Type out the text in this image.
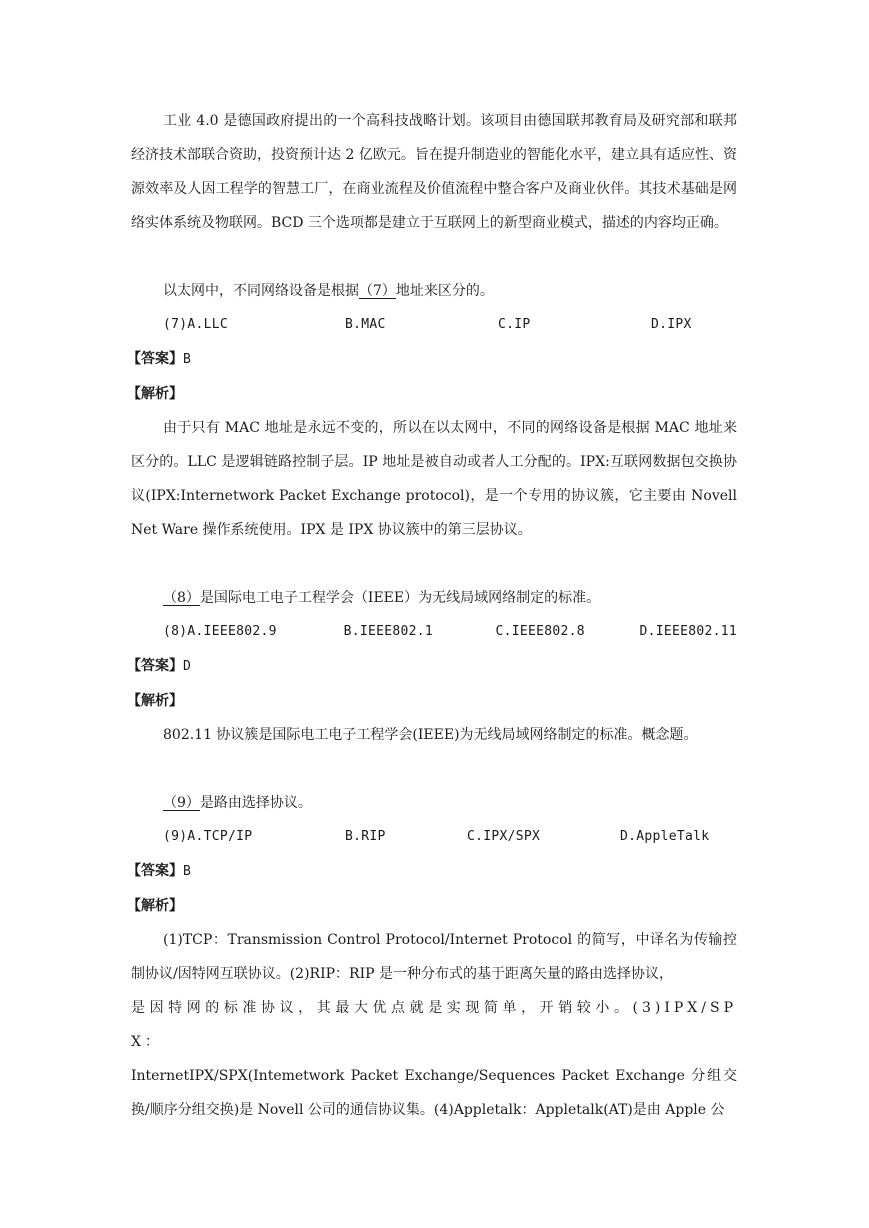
工业 4.0 是德国政府提出的一个高科技战略计划。该项目由德国联邦教育局及研究部和联邦经济技术部联合资助，投资预计达 2 亿欧元。旨在提升制造业的智能化水平，建立具有适应性、资源效率及人因工程学的智慧工厂，在商业流程及价值流程中整合客户及商业伙伴。其技术基础是网络实体系统及物联网。BCD 三个选项都是建立于互联网上的新型商业模式，描述的内容均正确。

以太网中，不同网络设备是根据（7）地址来区分的。

(7)A.LLC	B.MAC	C.IP	D.IPX

【答案】B

【解析】

由于只有 MAC 地址是永远不变的，所以在以太网中，不同的网络设备是根据 MAC 地址来区分的。LLC 是逻辑链路控制子层。IP 地址是被自动或者人工分配的。IPX:互联网数据包交换协议(IPX:Internetwork Packet Exchange protocol)，是一个专用的协议簇，它主要由 Novell Net Ware 操作系统使用。IPX 是 IPX 协议簇中的第三层协议。

（8）是国际电工电子工程学会（IEEE）为无线局域网络制定的标准。

(8)A.IEEE802.9	B.IEEE802.1	C.IEEE802.8	D.IEEE802.11

【答案】D

【解析】

802.11 协议簇是国际电工电子工程学会(IEEE)为无线局域网络制定的标准。概念题。

（9）是路由选择协议。

(9)A.TCP/IP	B.RIP	C.IPX/SPX	D.AppleTalk

【答案】B

【解析】

(1)TCP：Transmission Control Protocol/Internet Protocol 的简写，中译名为传输控制协议/因特网互联协议。(2)RIP：RIP 是一种分布式的基于距离矢量的路由选择协议，

是因特网的标准协议，其最大优点就是实现简单，开销较小。(3)IPX/SPX：

InternetIPX/SPX(Intemetwork Packet Exchange/Sequences Packet Exchange 分组交换/顺序分组交换)是 Novell 公司的通信协议集。(4)Appletalk：Appletalk(AT)是由 Apple 公
